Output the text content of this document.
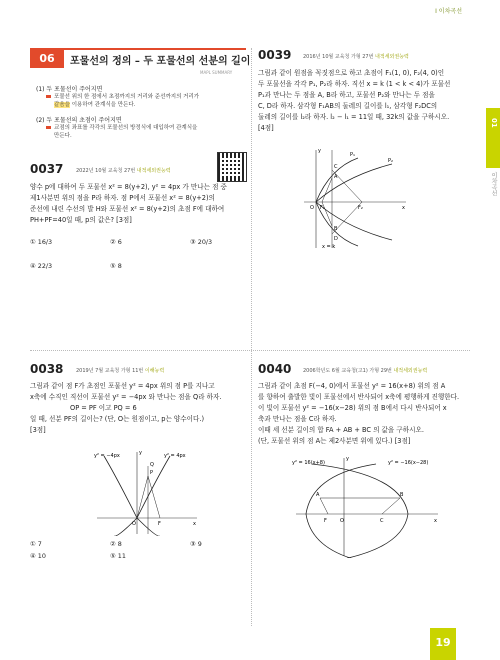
I 이차곡선
01
이차곡선
06	포물선의 정의 – 두 포물선의 선분의 길이
MAPL SUMMARY
(1) 두 포물선이 주어지면
포물선 위의 한 점에서 초점까지의 거리와 준선까지의 거리가
같음을 이용하여 관계식을 만든다.
(2) 두 포물선의 초점이 주어지면
교점의 좌표를 각각의 포물선의 방정식에 대입하여 관계식을
만든다.
0037	2022년 10월 교육청 27번 내적세외권능력
양수 p에 대하여 두 포물선 x² = 8(y+2), y² = 4px 가 만나는 점 중
제1사분면 위의 점을 P라 하자. 점 P에서 포물선 x² = 8(y+2)의
준선에 내린 수선의 발 H와 포물선 x² = 8(y+2)의 초점 F에 대하여
PH+PF=40일 때, p의 값은? [3점]
① 16/3	② 6	③ 20/3
④ 22/3	⑤ 8
0038	2019년 7월 교육청 가형 11번 이해능력
그림과 같이 점 F가 초점인 포물선 y² = 4px 위의 점 P를 지나고
x축에 수직인 직선이 포물선 y² = −4px 와 만나는 점을 Q라 하자.
OP = PF 이고 PQ = 6
일 때, 선분 PF의 길이는? (단, O는 원점이고, p는 양수이다.)
[3점]
y² = −4px	y² = 4px
P
Q
O	F	x
y
① 7	② 8	③ 9
④ 10	⑤ 11
0039 2016년 10월 교육청 가형 27번 내적세외권능력
그림과 같이 원점을 꼭짓점으로 하고 초점이 F₁(1, 0), F₂(4, 0)인
두 포물선을 각각 P₁, P₂라 하자. 직선 x = k (1 < k < 4)가 포물선
P₁과 만나는 두 점을 A, B라 하고, 포물선 P₂와 만나는 두 점을
C, D라 하자. 삼각형 F₁AB의 둘레의 길이를 l₁, 삼각형 F₂DC의
둘레의 길이를 l₂라 하자. l₂ − l₁ = 11일 때, 32k의 값을 구하시오.
[4점]
P₁
P₂
C
A
B
D
F₁	F₂
O	x
y
x = k
0040 2006학년도 6월 교육청(고1) 가형 29번 내적세외권능력
그림과 같이 초점 F(−4, 0)에서 포물선 y² = 16(x+8) 위의 점 A
를 향하여 출발한 빛이 포물선에서 반사되어 x축에 평행하게 진행한다.
이 빛이 포물선 y² = −16(x−28) 위의 점 B에서 다시 반사되어 x
축과 만나는 점을 C라 하자.
이때 세 선분 길이의 합 FA + AB + BC 의 값을 구하시오.
(단, 포물선 위의 점 A는 제2사분면 위에 있다.) [3점]
y² = 16(x+8)	y² = −16(x−28)
A	B
C
F	O	x
y
19
